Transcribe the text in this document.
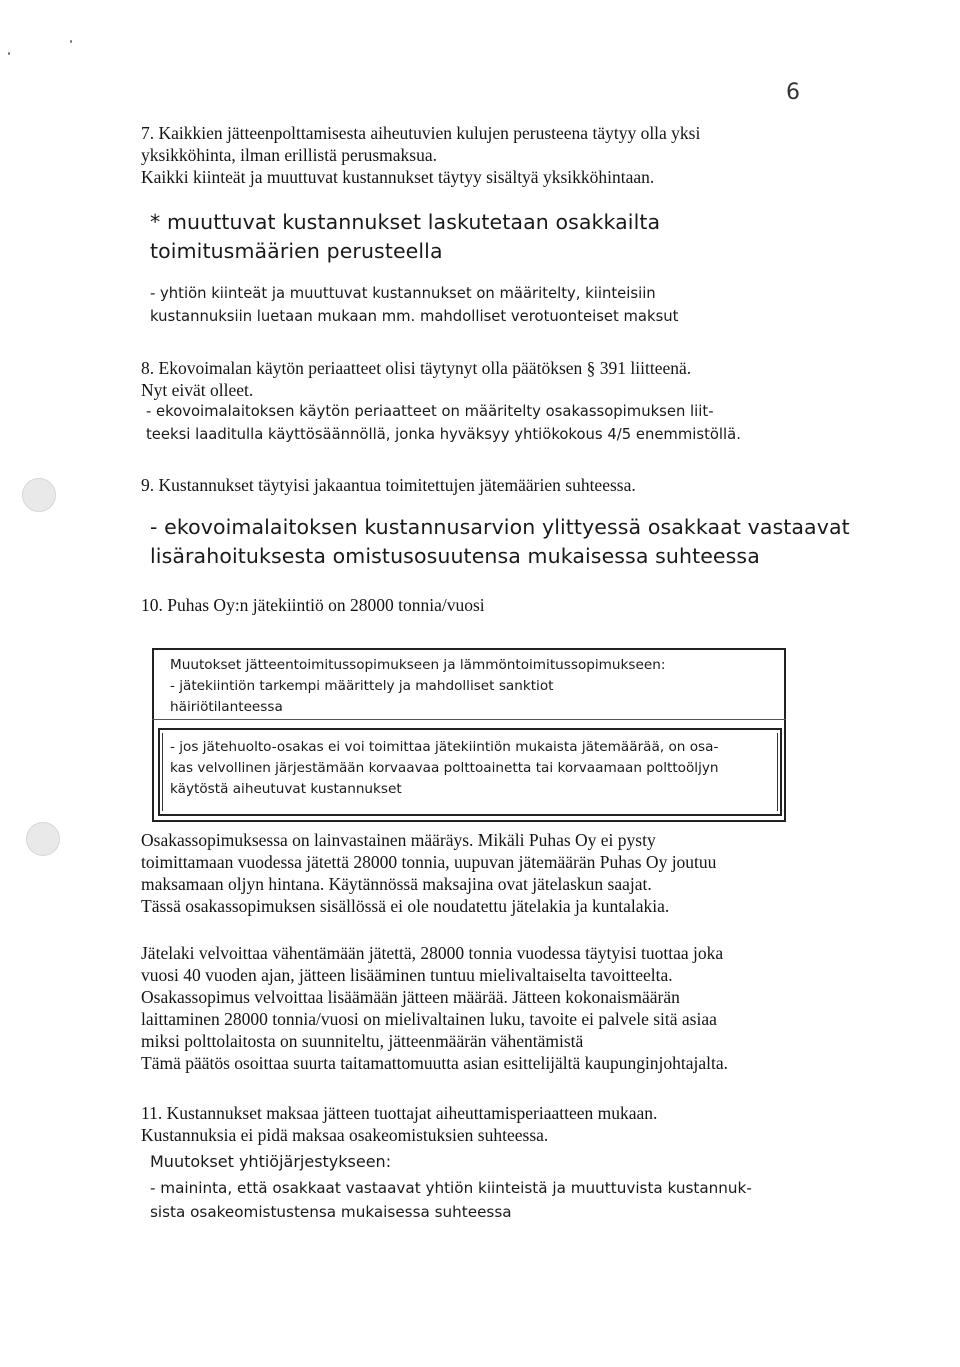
6

7. Kaikkien jätteenpolttamisesta aiheutuvien kulujen perusteena täytyy olla yksi

yksikköhinta, ilman erillistä perusmaksua.

Kaikki kiinteät ja muuttuvat kustannukset täytyy sisältyä yksikköhintaan.

* muuttuvat kustannukset laskutetaan osakkailta

toimitusmäärien perusteella

- yhtiön kiinteät ja muuttuvat kustannukset on määritelty, kiinteisiin

kustannuksiin luetaan mukaan mm. mahdolliset verotuonteiset maksut

8. Ekovoimalan käytön periaatteet olisi täytynyt olla päätöksen § 391 liitteenä.

Nyt eivät olleet.

- ekovoimalaitoksen käytön periaatteet on määritelty osakassopimuksen liit-

teeksi laaditulla käyttösäännöllä, jonka hyväksyy yhtiökokous 4/5 enemmistöllä.

9. Kustannukset täytyisi jakaantua toimitettujen jätemäärien suhteessa.

- ekovoimalaitoksen kustannusarvion ylittyessä osakkaat vastaavat

lisärahoituksesta omistusosuutensa mukaisessa suhteessa

10. Puhas Oy:n jätekiintiö on 28000 tonnia/vuosi

Muutokset jätteentoimitussopimukseen ja lämmöntoimitussopimukseen:

- jätekiintiön tarkempi määrittely ja mahdolliset sanktiot

häiriötilanteessa

- jos jätehuolto-osakas ei voi toimittaa jätekiintiön mukaista jätemäärää, on osa-

kas velvollinen järjestämään korvaavaa polttoainetta tai korvaamaan polttoöljyn

käytöstä aiheutuvat kustannukset

Osakassopimuksessa on lainvastainen määräys. Mikäli Puhas Oy ei pysty

toimittamaan vuodessa jätettä 28000 tonnia, uupuvan jätemäärän Puhas Oy joutuu

maksamaan oljyn hintana. Käytännössä maksajina ovat jätelaskun saajat.

Tässä osakassopimuksen sisällössä ei ole noudatettu jätelakia ja kuntalakia.

Jätelaki velvoittaa vähentämään jätettä, 28000 tonnia vuodessa täytyisi tuottaa joka

vuosi 40 vuoden ajan, jätteen lisääminen tuntuu mielivaltaiselta tavoitteelta.

Osakassopimus velvoittaa lisäämään jätteen määrää. Jätteen kokonaismäärän

laittaminen 28000 tonnia/vuosi on mielivaltainen luku, tavoite ei palvele sitä asiaa

miksi polttolaitosta on suunniteltu, jätteenmäärän vähentämistä

Tämä päätös osoittaa suurta taitamattomuutta asian esittelijältä kaupunginjohtajalta.

11. Kustannukset maksaa jätteen tuottajat aiheuttamisperiaatteen mukaan.

Kustannuksia ei pidä maksaa osakeomistuksien suhteessa.

Muutokset yhtiöjärjestykseen:

- maininta, että osakkaat vastaavat yhtiön kiinteistä ja muuttuvista kustannuk-

sista osakeomistustensa mukaisessa suhteessa
